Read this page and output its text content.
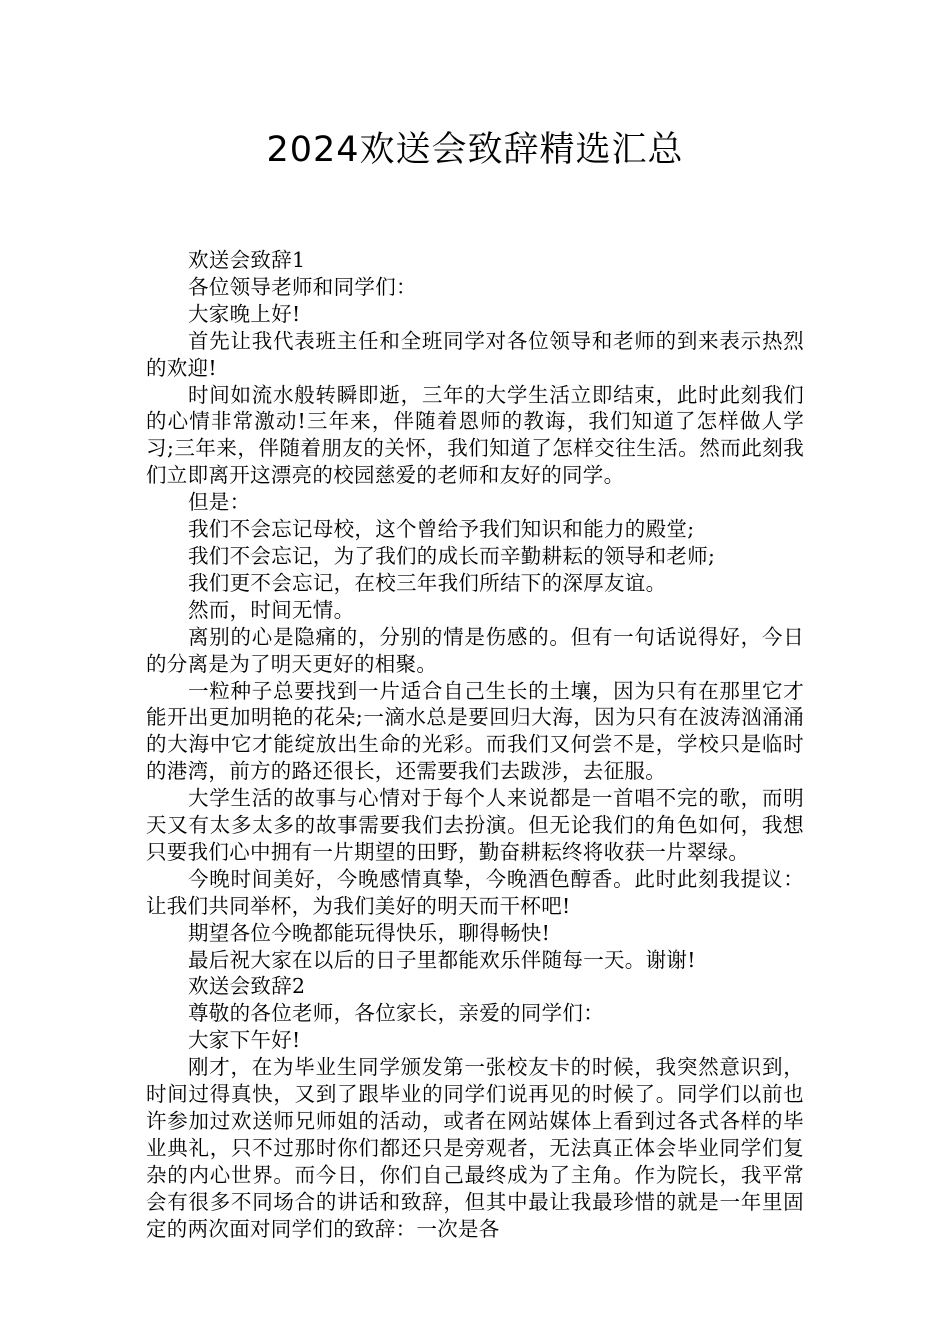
2024欢送会致辞精选汇总

欢送会致辞1

各位领导老师和同学们：

大家晚上好!

首先让我代表班主任和全班同学对各位领导和老师的到来表示热烈的欢迎!

时间如流水般转瞬即逝，三年的大学生活立即结束，此时此刻我们的心情非常激动!三年来，伴随着恩师的教诲，我们知道了怎样做人学习;三年来，伴随着朋友的关怀，我们知道了怎样交往生活。然而此刻我们立即离开这漂亮的校园慈爱的老师和友好的同学。

但是：

我们不会忘记母校，这个曾给予我们知识和能力的殿堂;

我们不会忘记，为了我们的成长而辛勤耕耘的领导和老师;

我们更不会忘记，在校三年我们所结下的深厚友谊。

然而，时间无情。

离别的心是隐痛的，分别的情是伤感的。但有一句话说得好，今日的分离是为了明天更好的相聚。

一粒种子总要找到一片适合自己生长的土壤，因为只有在那里它才能开出更加明艳的花朵;一滴水总是要回归大海，因为只有在波涛汹涌涌的大海中它才能绽放出生命的光彩。而我们又何尝不是，学校只是临时的港湾，前方的路还很长，还需要我们去跋涉，去征服。

大学生活的故事与心情对于每个人来说都是一首唱不完的歌，而明天又有太多太多的故事需要我们去扮演。但无论我们的角色如何，我想只要我们心中拥有一片期望的田野，勤奋耕耘终将收获一片翠绿。

今晚时间美好，今晚感情真挚，今晚酒色醇香。此时此刻我提议：让我们共同举杯，为我们美好的明天而干杯吧!

期望各位今晚都能玩得快乐，聊得畅快!

最后祝大家在以后的日子里都能欢乐伴随每一天。谢谢!

欢送会致辞2

尊敬的各位老师，各位家长，亲爱的同学们：

大家下午好!

刚才，在为毕业生同学颁发第一张校友卡的时候，我突然意识到，时间过得真快，又到了跟毕业的同学们说再见的时候了。同学们以前也许参加过欢送师兄师姐的活动，或者在网站媒体上看到过各式各样的毕业典礼，只不过那时你们都还只是旁观者，无法真正体会毕业同学们复杂的内心世界。而今日，你们自己最终成为了主角。作为院长，我平常会有很多不同场合的讲话和致辞，但其中最让我最珍惜的就是一年里固定的两次面对同学们的致辞：一次是各
